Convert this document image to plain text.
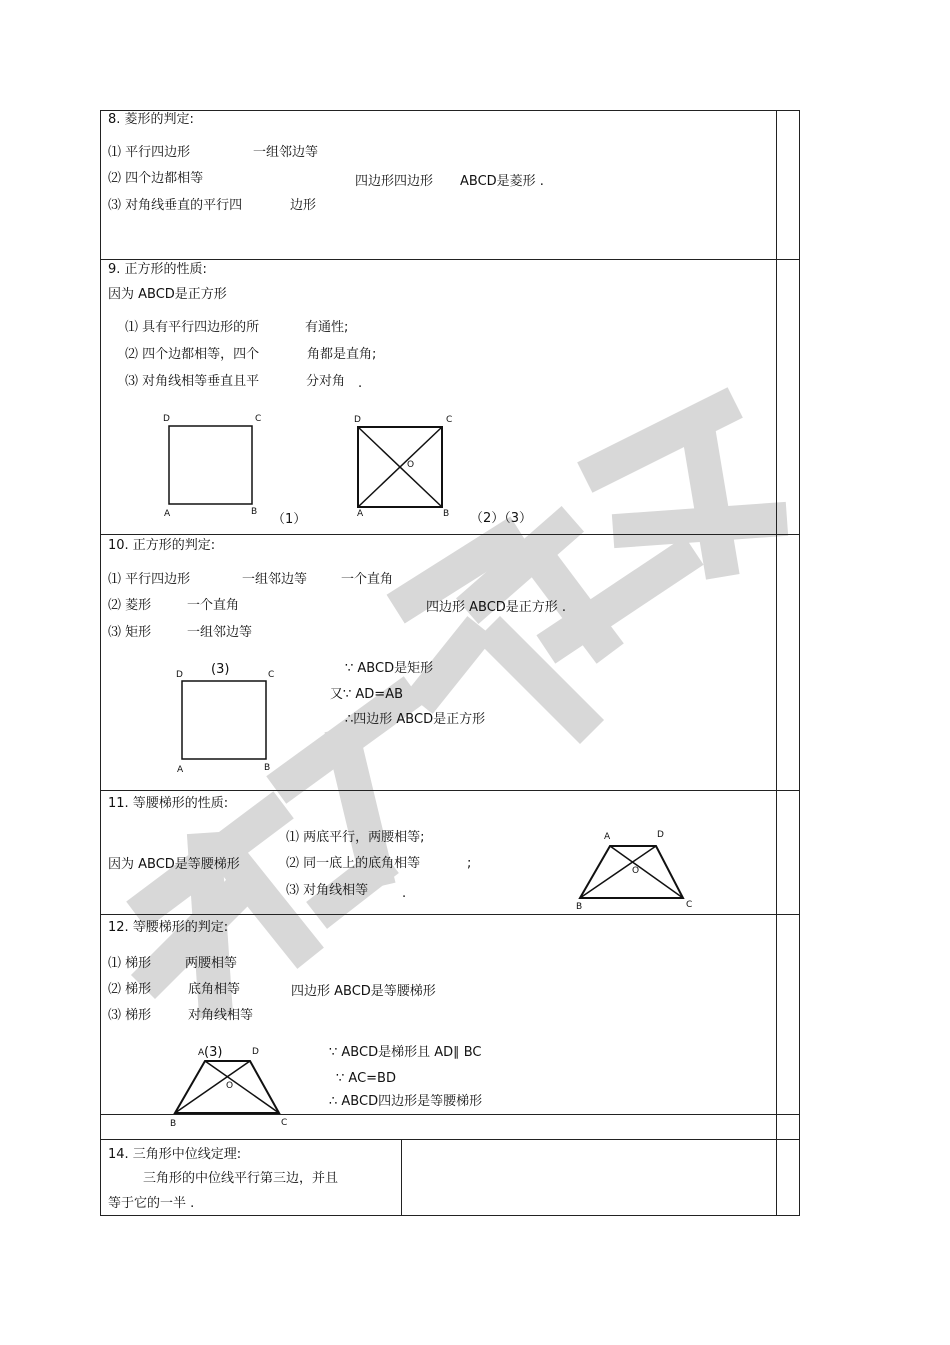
8. 菱形的判定:
⑴ 平行四边形	一组邻边等
⑵ 四个边都相等
⑶ 对角线垂直的平行四	边形
四边形四边形 ABCD是菱形 .
9. 正方形的性质:
因为 ABCD是正方形
⑴ 具有平行四边形的所	有通性;
⑵ 四个边都相等，四个	角都是直角;
⑶ 对角线相等垂直且平	分对角 .
D	C
A	B （1）
D	C
O
A	B （2）（3）
10. 正方形的判定:
⑴ 平行四边形	一组邻边等	一个直角
⑵ 菱形	一个直角
⑶ 矩形	一组邻边等
四边形 ABCD是正方形 .
(3)
D	C
A	B
∵ ABCD是矩形
又∵ AD=AB
∴四边形 ABCD是正方形
11. 等腰梯形的性质:
因为 ABCD是等腰梯形
⑴ 两底平行，两腰相等;
⑵ 同一底上的底角相等	;
⑶ 对角线相等	.
A	D
O
B	C
12. 等腰梯形的判定:
⑴ 梯形	两腰相等
⑵ 梯形	底角相等
⑶ 梯形	对角线相等
四边形 ABCD是等腰梯形
A (3)	D
O
B	C
∵ ABCD是梯形且 AD∥ BC
∵ AC=BD
∴ ABCD四边形是等腰梯形
14. 三角形中位线定理:
三角形的中位线平行第三边，并且
等于它的一半 .
